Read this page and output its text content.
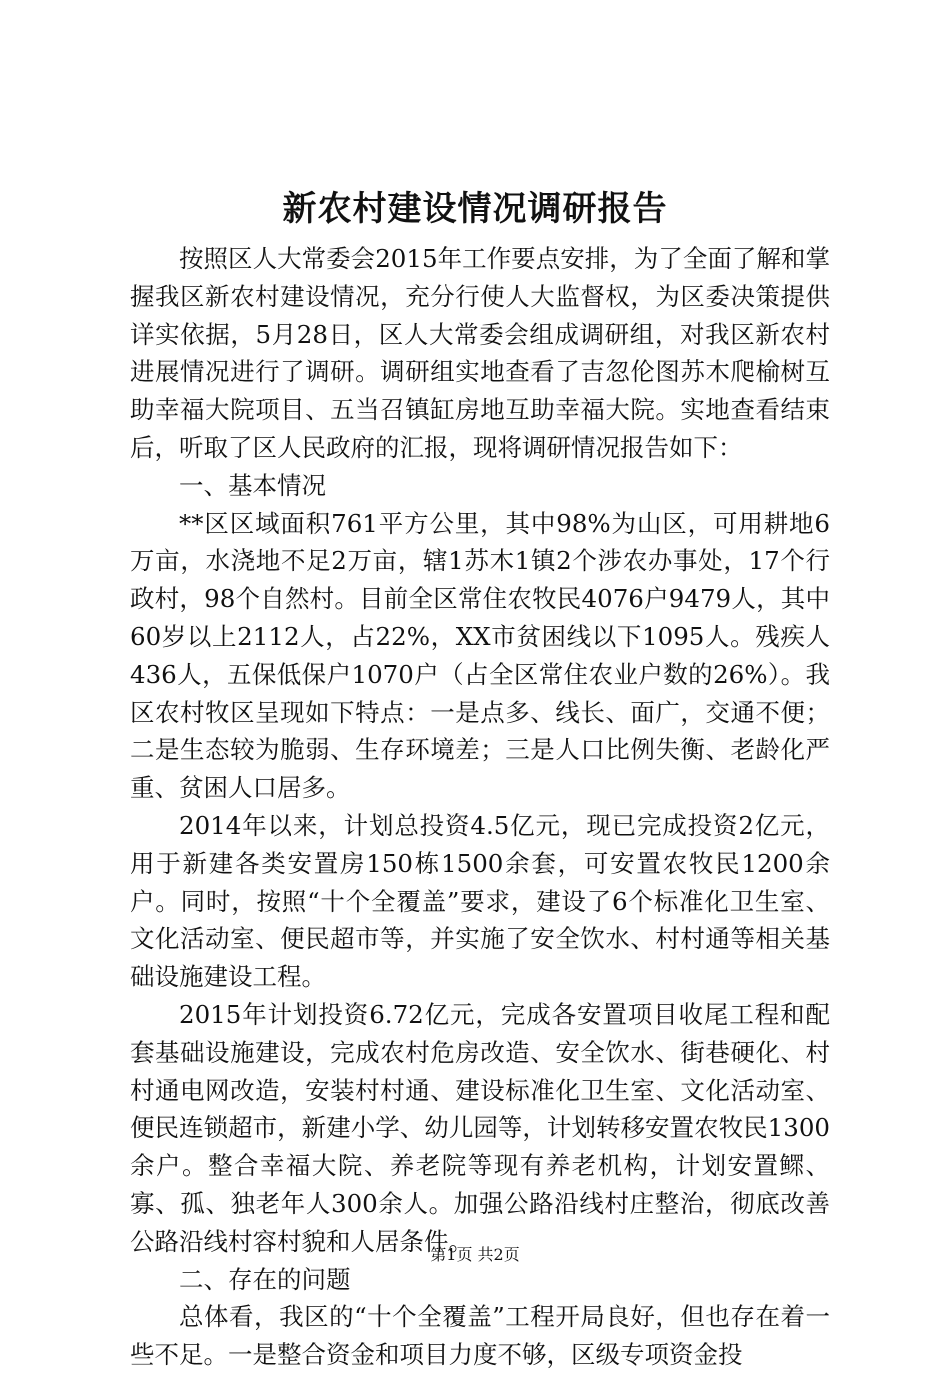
新农村建设情况调研报告

按照区人大常委会2015年工作要点安排，为了全面了解和掌握我区新农村建设情况，充分行使人大监督权，为区委决策提供详实依据，5月28日，区人大常委会组成调研组，对我区新农村进展情况进行了调研。调研组实地查看了吉忽伦图苏木爬榆树互助幸福大院项目、五当召镇缸房地互助幸福大院。实地查看结束后，听取了区人民政府的汇报，现将调研情况报告如下：

一、基本情况

**区区域面积761平方公里，其中98%为山区，可用耕地6万亩，水浇地不足2万亩，辖1苏木1镇2个涉农办事处，17个行政村，98个自然村。目前全区常住农牧民4076户9479人，其中60岁以上2112人，占22%，XX市贫困线以下1095人。残疾人436人，五保低保户1070户（占全区常住农业户数的26%）。我区农村牧区呈现如下特点：一是点多、线长、面广，交通不便；二是生态较为脆弱、生存环境差；三是人口比例失衡、老龄化严重、贫困人口居多。

2014年以来，计划总投资4.5亿元，现已完成投资2亿元，用于新建各类安置房150栋1500余套，可安置农牧民1200余户。同时，按照“十个全覆盖”要求，建设了6个标准化卫生室、文化活动室、便民超市等，并实施了安全饮水、村村通等相关基础设施建设工程。

2015年计划投资6.72亿元，完成各安置项目收尾工程和配套基础设施建设，完成农村危房改造、安全饮水、街巷硬化、村村通电网改造，安装村村通、建设标准化卫生室、文化活动室、便民连锁超市，新建小学、幼儿园等，计划转移安置农牧民1300余户。整合幸福大院、养老院等现有养老机构，计划安置鳏、寡、孤、独老年人300余人。加强公路沿线村庄整治，彻底改善公路沿线村容村貌和人居条件。

二、存在的问题

总体看，我区的“十个全覆盖”工程开局良好，但也存在着一些不足。一是整合资金和项目力度不够，区级专项资金投

第1页 共2页
